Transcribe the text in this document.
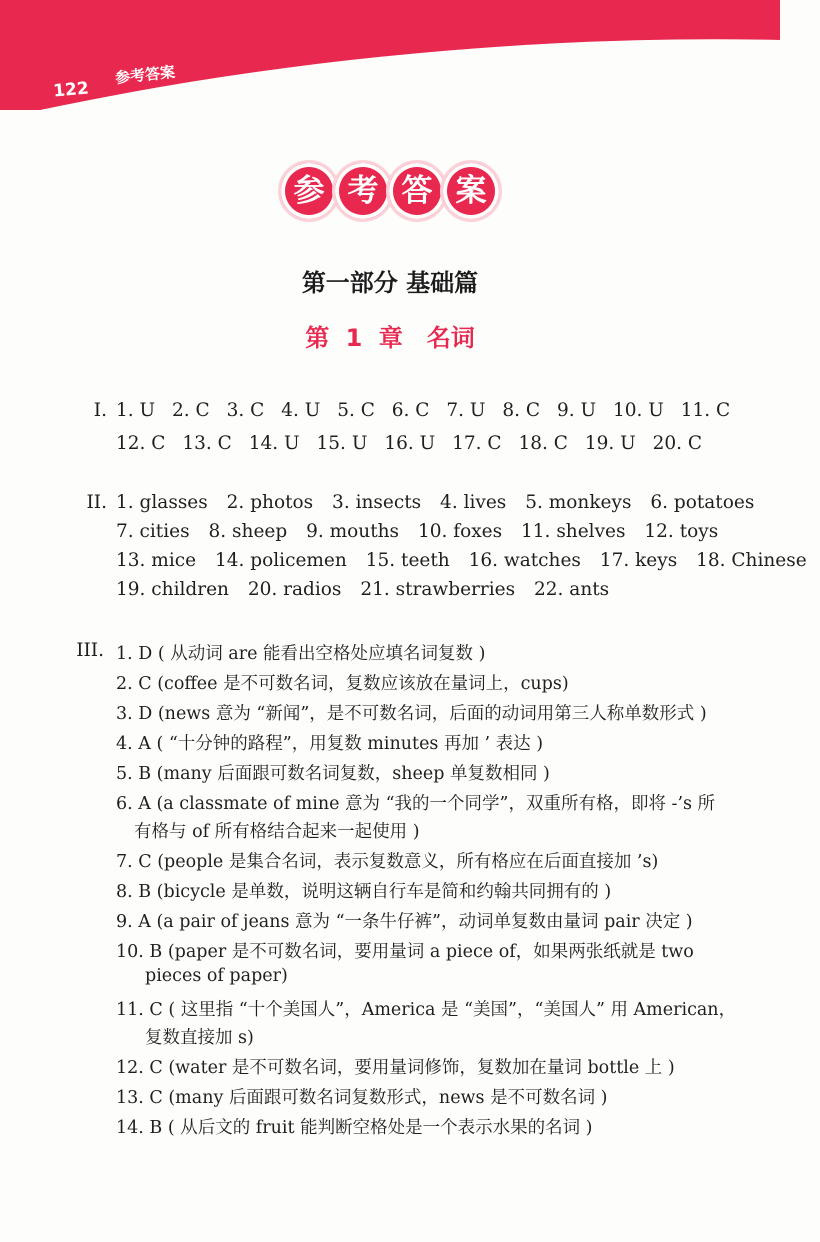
122
参考答案
参 考 答 案
第一部分 基础篇
第 1 章　名词
I. 1. U 2. C 3. C 4. U 5. C 6. C 7. U 8. C 9. U 10. U 11. C
12. C 13. C 14. U 15. U 16. U 17. C 18. C 19. U 20. C
II. 1. glasses 2. photos 3. insects 4. lives 5. monkeys 6. potatoes
7. cities 8. sheep 9. mouths 10. foxes 11. shelves 12. toys
13. mice 14. policemen 15. teeth 16. watches 17. keys 18. Chinese
19. children 20. radios 21. strawberries 22. ants
III. 1. D ( 从动词 are 能看出空格处应填名词复数 )
2. C (coffee 是不可数名词，复数应该放在量词上，cups)
3. D (news 意为 “新闻”，是不可数名词，后面的动词用第三人称单数形式 )
4. A ( “十分钟的路程”，用复数 minutes 再加 ’ 表达 )
5. B (many 后面跟可数名词复数，sheep 单复数相同 )
6. A (a classmate of mine 意为 “我的一个同学”，双重所有格，即将 -’s 所
有格与 of 所有格结合起来一起使用 )
7. C (people 是集合名词，表示复数意义，所有格应在后面直接加 ’s)
8. B (bicycle 是单数，说明这辆自行车是简和约翰共同拥有的 )
9. A (a pair of jeans 意为 “一条牛仔裤”，动词单复数由量词 pair 决定 )
10. B (paper 是不可数名词，要用量词 a piece of，如果两张纸就是 two
pieces of paper)
11. C ( 这里指 “十个美国人”，America 是 “美国”，“美国人” 用 American，
复数直接加 s)
12. C (water 是不可数名词，要用量词修饰，复数加在量词 bottle 上 )
13. C (many 后面跟可数名词复数形式，news 是不可数名词 )
14. B ( 从后文的 fruit 能判断空格处是一个表示水果的名词 )
